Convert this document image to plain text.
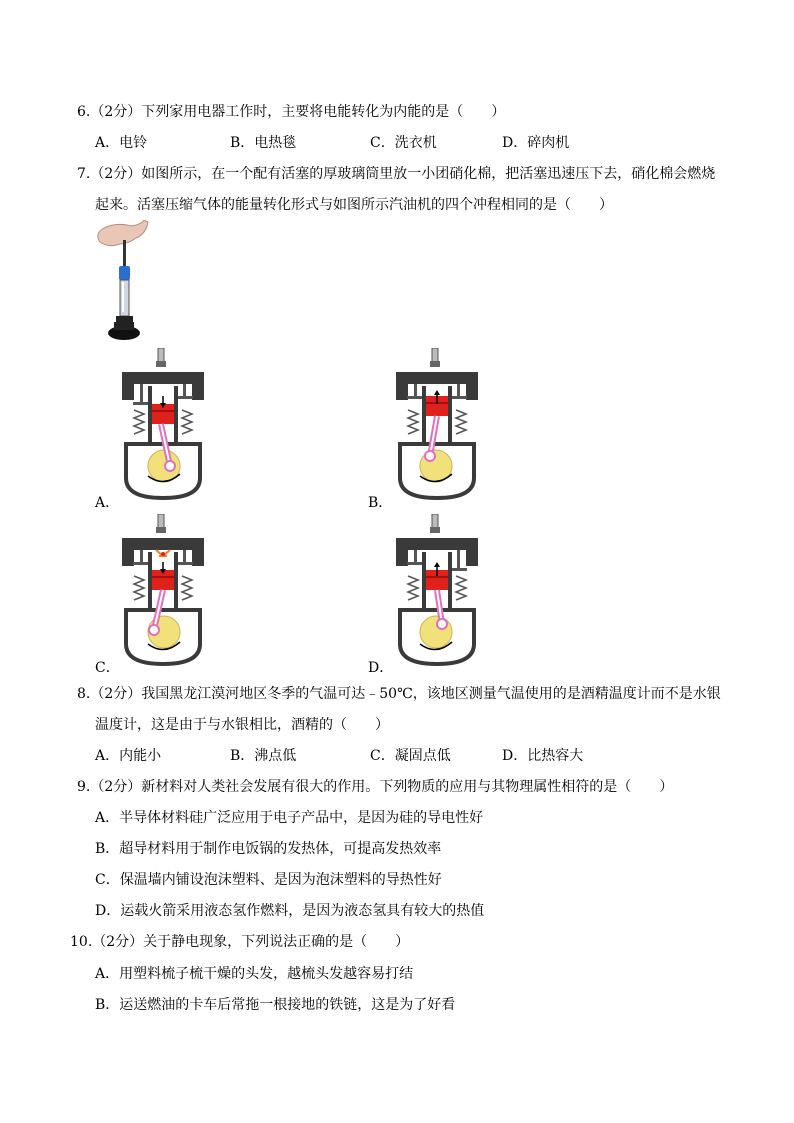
6.（2分）下列家用电器工作时，主要将电能转化为内能的是（　　）
A．电铃	B．电热毯	C．洗衣机	D．碎肉机
7.（2分）如图所示，在一个配有活塞的厚玻璃筒里放一小团硝化棉，把活塞迅速压下去，硝化棉会燃烧
起来。活塞压缩气体的能量转化形式与如图所示汽油机的四个冲程相同的是（　　）
A．	B．
C．	D．
8.（2分）我国黑龙江漠河地区冬季的气温可达﹣50℃，该地区测量气温使用的是酒精温度计而不是水银
温度计，这是由于与水银相比，酒精的（　　）
A．内能小	B．沸点低	C．凝固点低	D．比热容大
9.（2分）新材料对人类社会发展有很大的作用。下列物质的应用与其物理属性相符的是（　　）
A．半导体材料硅广泛应用于电子产品中，是因为硅的导电性好
B．超导材料用于制作电饭锅的发热体，可提高发热效率
C．保温墙内铺设泡沫塑料、是因为泡沫塑料的导热性好
D．运载火箭采用液态氢作燃料，是因为液态氢具有较大的热值
10.（2分）关于静电现象，下列说法正确的是（　　）
A．用塑料梳子梳干燥的头发，越梳头发越容易打结
B．运送燃油的卡车后常拖一根接地的铁链，这是为了好看
